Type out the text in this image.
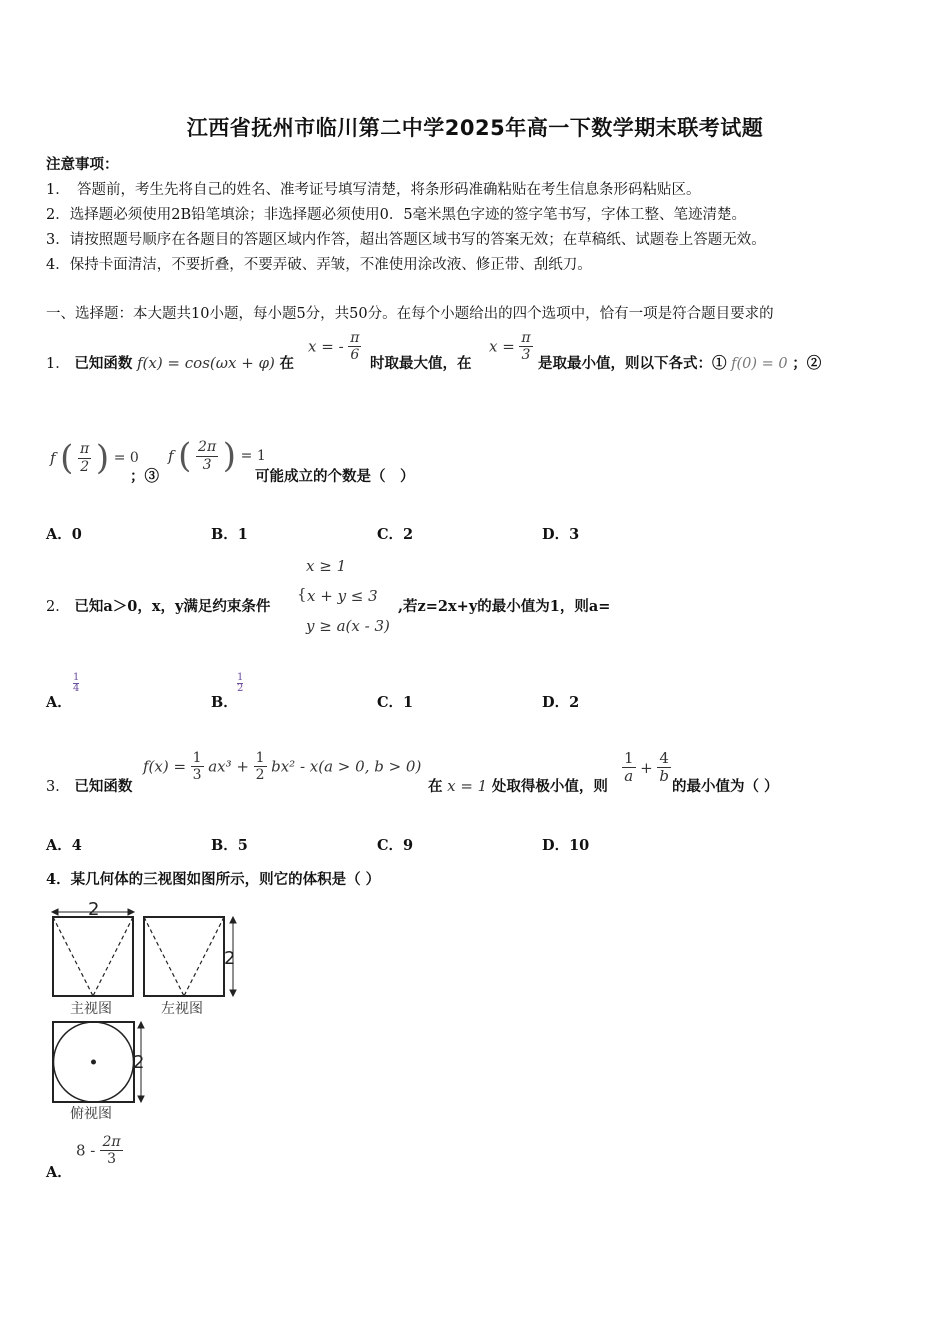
江西省抚州市临川第二中学2025年高一下数学期末联考试题
注意事项：
1．　答题前，考生先将自己的姓名、准考证号填写清楚，将条形码准确粘贴在考生信息条形码粘贴区。
2．选择题必须使用2B铅笔填涂；非选择题必须使用0．5毫米黑色字迹的签字笔书写，字体工整、笔迹清楚。
3．请按照题号顺序在各题目的答题区域内作答，超出答题区域书写的答案无效；在草稿纸、试题卷上答题无效。
4．保持卡面清洁，不要折叠，不要弄破、弄皱，不准使用涂改液、修正带、刮纸刀。
一、选择题：本大题共10小题，每小题5分，共50分。在每个小题给出的四个选项中，恰有一项是符合题目要求的
1． 已知函数 f(x) = cos(ωx + φ) 在
x = - $\frac{\pi}{6}$
时取最大值，在
$x = \frac{\pi}{3}$
是取最小值，则以下各式：① f(0) = 0 ；②
f ( $\frac{\pi}{2}$ ) = 0
；③
f ( $\frac{2\pi}{3}$ ) = 1
可能成立的个数是（　）
A．0	B．1	C．2	D．3
2． 已知a＞0，x，y满足约束条件
x ≥ 1
{ x + y ≤ 3
y ≥ a(x - 3)
,若z=2x+y的最小值为1，则a=
A．
$\frac{1}{4}$
B．
$\frac{1}{2}$
C．1	D．2
3． 已知函数
$f(x) = \frac{1}{3} ax^3 + \frac{1}{2} bx^2 - x(a > 0$, b > 0)
在 x = 1 处取得极小值，则
$\frac{1}{a} + \frac{4}{b}$
的最小值为（ ）
A．4	B．5	C．9	D．10
4．某几何体的三视图如图所示，则它的体积是（ ）
2
主视图
2
左视图
2
俯视图
A．
$8 - \frac{2\pi}{3}$
